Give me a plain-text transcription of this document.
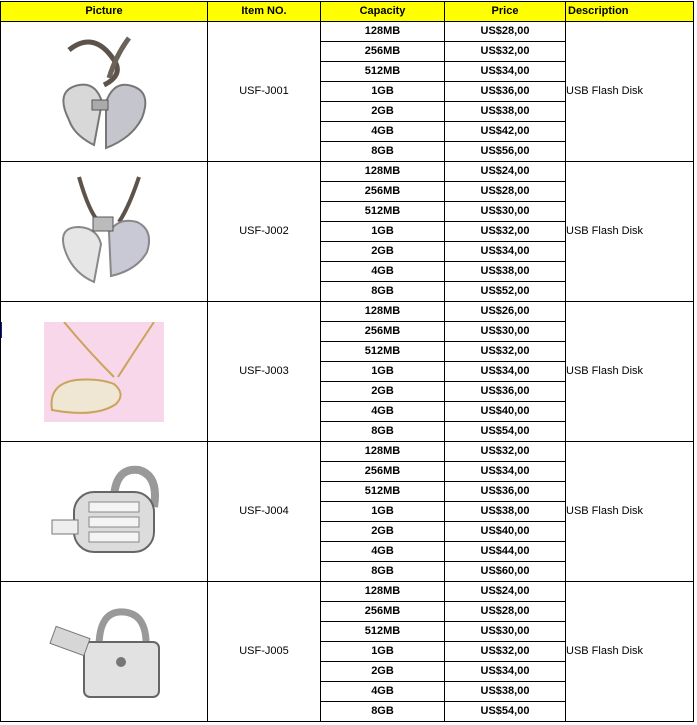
Picture	Item NO.	Capacity	Price	Description

	USF-J001	128MB	US$28,00	USB Flash Disk
		256MB	US$32,00	
		512MB	US$34,00	
		1GB	US$36,00	
		2GB	US$38,00	
		4GB	US$42,00	
		8GB	US$56,00	

	USF-J002	128MB	US$24,00	USB Flash Disk
		256MB	US$28,00	
		512MB	US$30,00	
		1GB	US$32,00	
		2GB	US$34,00	
		4GB	US$38,00	
		8GB	US$52,00	

	USF-J003	128MB	US$26,00	USB Flash Disk
		256MB	US$30,00	
		512MB	US$32,00	
		1GB	US$34,00	
		2GB	US$36,00	
		4GB	US$40,00	
		8GB	US$54,00	

	USF-J004	128MB	US$32,00	USB Flash Disk
		256MB	US$34,00	
		512MB	US$36,00	
		1GB	US$38,00	
		2GB	US$40,00	
		4GB	US$44,00	
		8GB	US$60,00	

	USF-J005	128MB	US$24,00	USB Flash Disk
		256MB	US$28,00	
		512MB	US$30,00	
		1GB	US$32,00	
		2GB	US$34,00	
		4GB	US$38,00	
		8GB	US$54,00	
